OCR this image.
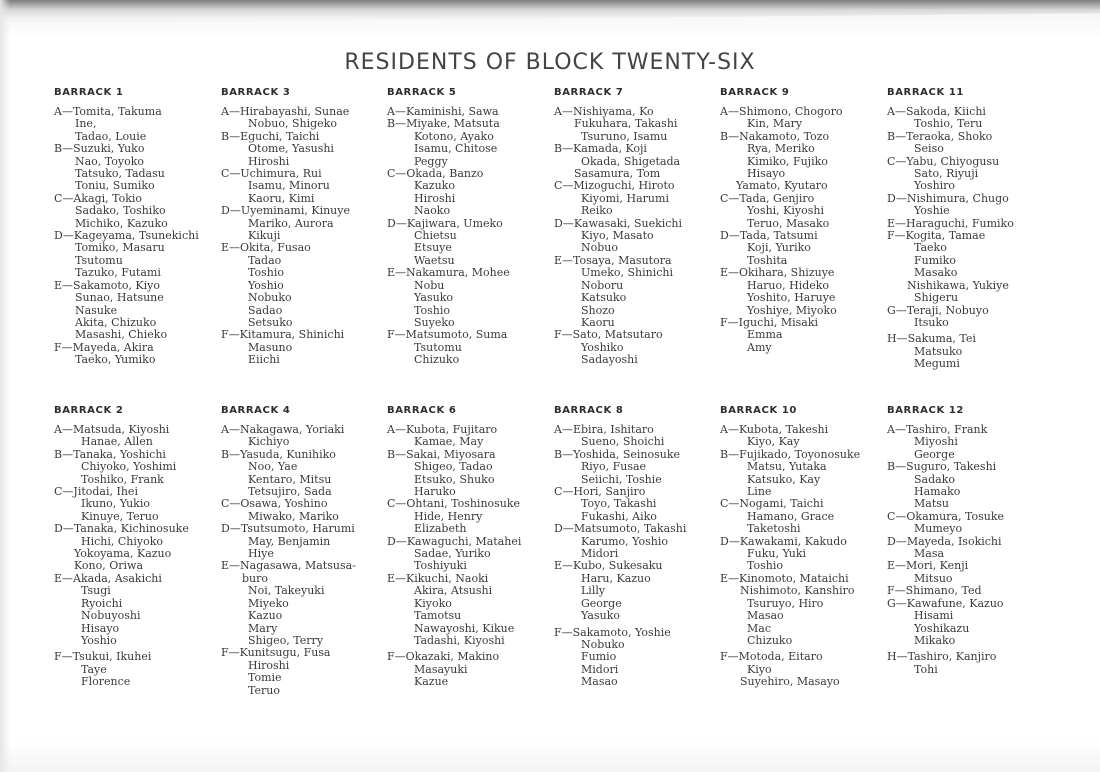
RESIDENTS OF BLOCK TWENTY-SIX
BARRACK 1
A—Tomita, Takuma
Ine,
Tadao, Louie
B—Suzuki, Yuko
Nao, Toyoko
Tatsuko, Tadasu
Toniu, Sumiko
C—Akagi, Tokio
Sadako, Toshiko
Michiko, Kazuko
D—Kageyama, Tsunekichi
Tomiko, Masaru
Tsutomu
Tazuko, Futami
E—Sakamoto, Kiyo
Sunao, Hatsune
Nasuke
Akita, Chizuko
Masashi, Chieko
F—Mayeda, Akira
Taeko, Yumiko
BARRACK 3
A—Hirabayashi, Sunae
Nobuo, Shigeko
B—Eguchi, Taichi
Otome, Yasushi
Hiroshi
C—Uchimura, Rui
Isamu, Minoru
Kaoru, Kimi
D—Uyeminami, Kinuye
Mariko, Aurora
Kikuji
E—Okita, Fusao
Tadao
Toshio
Yoshio
Nobuko
Sadao
Setsuko
F—Kitamura, Shinichi
Masuno
Eiichi
BARRACK 5
A—Kaminishi, Sawa
B—Miyake, Matsuta
Kotono, Ayako
Isamu, Chitose
Peggy
C—Okada, Banzo
Kazuko
Hiroshi
Naoko
D—Kajiwara, Umeko
Chietsu
Etsuye
Waetsu
E—Nakamura, Mohee
Nobu
Yasuko
Toshio
Suyeko
F—Matsumoto, Suma
Tsutomu
Chizuko
BARRACK 7
A—Nishiyama, Ko
Fukuhara, Takashi
Tsuruno, Isamu
B—Kamada, Koji
Okada, Shigetada
Sasamura, Tom
C—Mizoguchi, Hiroto
Kiyomi, Harumi
Reiko
D—Kawasaki, Suekichi
Kiyo, Masato
Nobuo
E—Tosaya, Masutora
Umeko, Shinichi
Noboru
Katsuko
Shozo
Kaoru
F—Sato, Matsutaro
Yoshiko
Sadayoshi
BARRACK 9
A—Shimono, Chogoro
Kin, Mary
B—Nakamoto, Tozo
Rya, Meriko
Kimiko, Fujiko
Hisayo
Yamato, Kyutaro
C—Tada, Genjiro
Yoshi, Kiyoshi
Teruo, Masako
D—Tada, Tatsumi
Koji, Yuriko
Toshita
E—Okihara, Shizuye
Haruo, Hideko
Yoshito, Haruye
Yoshiye, Miyoko
F—Iguchi, Misaki
Emma
Amy
BARRACK 11
A—Sakoda, Kiichi
Toshio, Teru
B—Teraoka, Shoko
Seiso
C—Yabu, Chiyogusu
Sato, Riyuji
Yoshiro
D—Nishimura, Chugo
Yoshie
E—Haraguchi, Fumiko
F—Kogita, Tamae
Taeko
Fumiko
Masako
Nishikawa, Yukiye
Shigeru
G—Teraji, Nobuyo
Itsuko
H—Sakuma, Tei
Matsuko
Megumi
BARRACK 2
A—Matsuda, Kiyoshi
Hanae, Allen
B—Tanaka, Yoshichi
Chiyoko, Yoshimi
Toshiko, Frank
C—Jitodai, Ihei
Ikuno, Yukio
Kinuye, Teruo
D—Tanaka, Kichinosuke
Hichi, Chiyoko
Yokoyama, Kazuo
Kono, Oriwa
E—Akada, Asakichi
Tsugi
Ryoichi
Nobuyoshi
Hisayo
Yoshio
F—Tsukui, Ikuhei
Taye
Florence
BARRACK 4
A—Nakagawa, Yoriaki
Kichiyo
B—Yasuda, Kunihiko
Noo, Yae
Kentaro, Mitsu
Tetsujiro, Sada
C—Osawa, Yoshino
Miwako, Mariko
D—Tsutsumoto, Harumi
May, Benjamin
Hiye
E—Nagasawa, Matsusa-
buro
Noi, Takeyuki
Miyeko
Kazuo
Mary
Shigeo, Terry
F—Kunitsugu, Fusa
Hiroshi
Tomie
Teruo
BARRACK 6
A—Kubota, Fujitaro
Kamae, May
B—Sakai, Miyosara
Shigeo, Tadao
Etsuko, Shuko
Haruko
C—Ohtani, Toshinosuke
Hide, Henry
Elizabeth
D—Kawaguchi, Matahei
Sadae, Yuriko
Toshiyuki
E—Kikuchi, Naoki
Akira, Atsushi
Kiyoko
Tamotsu
Nawayoshi, Kikue
Tadashi, Kiyoshi
F—Okazaki, Makino
Masayuki
Kazue
BARRACK 8
A—Ebira, Ishitaro
Sueno, Shoichi
B—Yoshida, Seinosuke
Riyo, Fusae
Seiichi, Toshie
C—Hori, Sanjiro
Toyo, Takashi
Fukashi, Aiko
D—Matsumoto, Takashi
Karumo, Yoshio
Midori
E—Kubo, Sukesaku
Haru, Kazuo
Lilly
George
Yasuko
F—Sakamoto, Yoshie
Nobuko
Fumio
Midori
Masao
BARRACK 10
A—Kubota, Takeshi
Kiyo, Kay
B—Fujikado, Toyonosuke
Matsu, Yutaka
Katsuko, Kay
Line
C—Nogami, Taichi
Hamano, Grace
Taketoshi
D—Kawakami, Kakudo
Fuku, Yuki
Toshio
E—Kinomoto, Mataichi
Nishimoto, Kanshiro
Tsuruyo, Hiro
Masao
Mac
Chizuko
F—Motoda, Eitaro
Kiyo
Suyehiro, Masayo
BARRACK 12
A—Tashiro, Frank
Miyoshi
George
B—Suguro, Takeshi
Sadako
Hamako
Matsu
C—Okamura, Tosuke
Mumeyo
D—Mayeda, Isokichi
Masa
E—Mori, Kenji
Mitsuo
F—Shimano, Ted
G—Kawafune, Kazuo
Hisami
Yoshikazu
Mikako
H—Tashiro, Kanjiro
Tohi
